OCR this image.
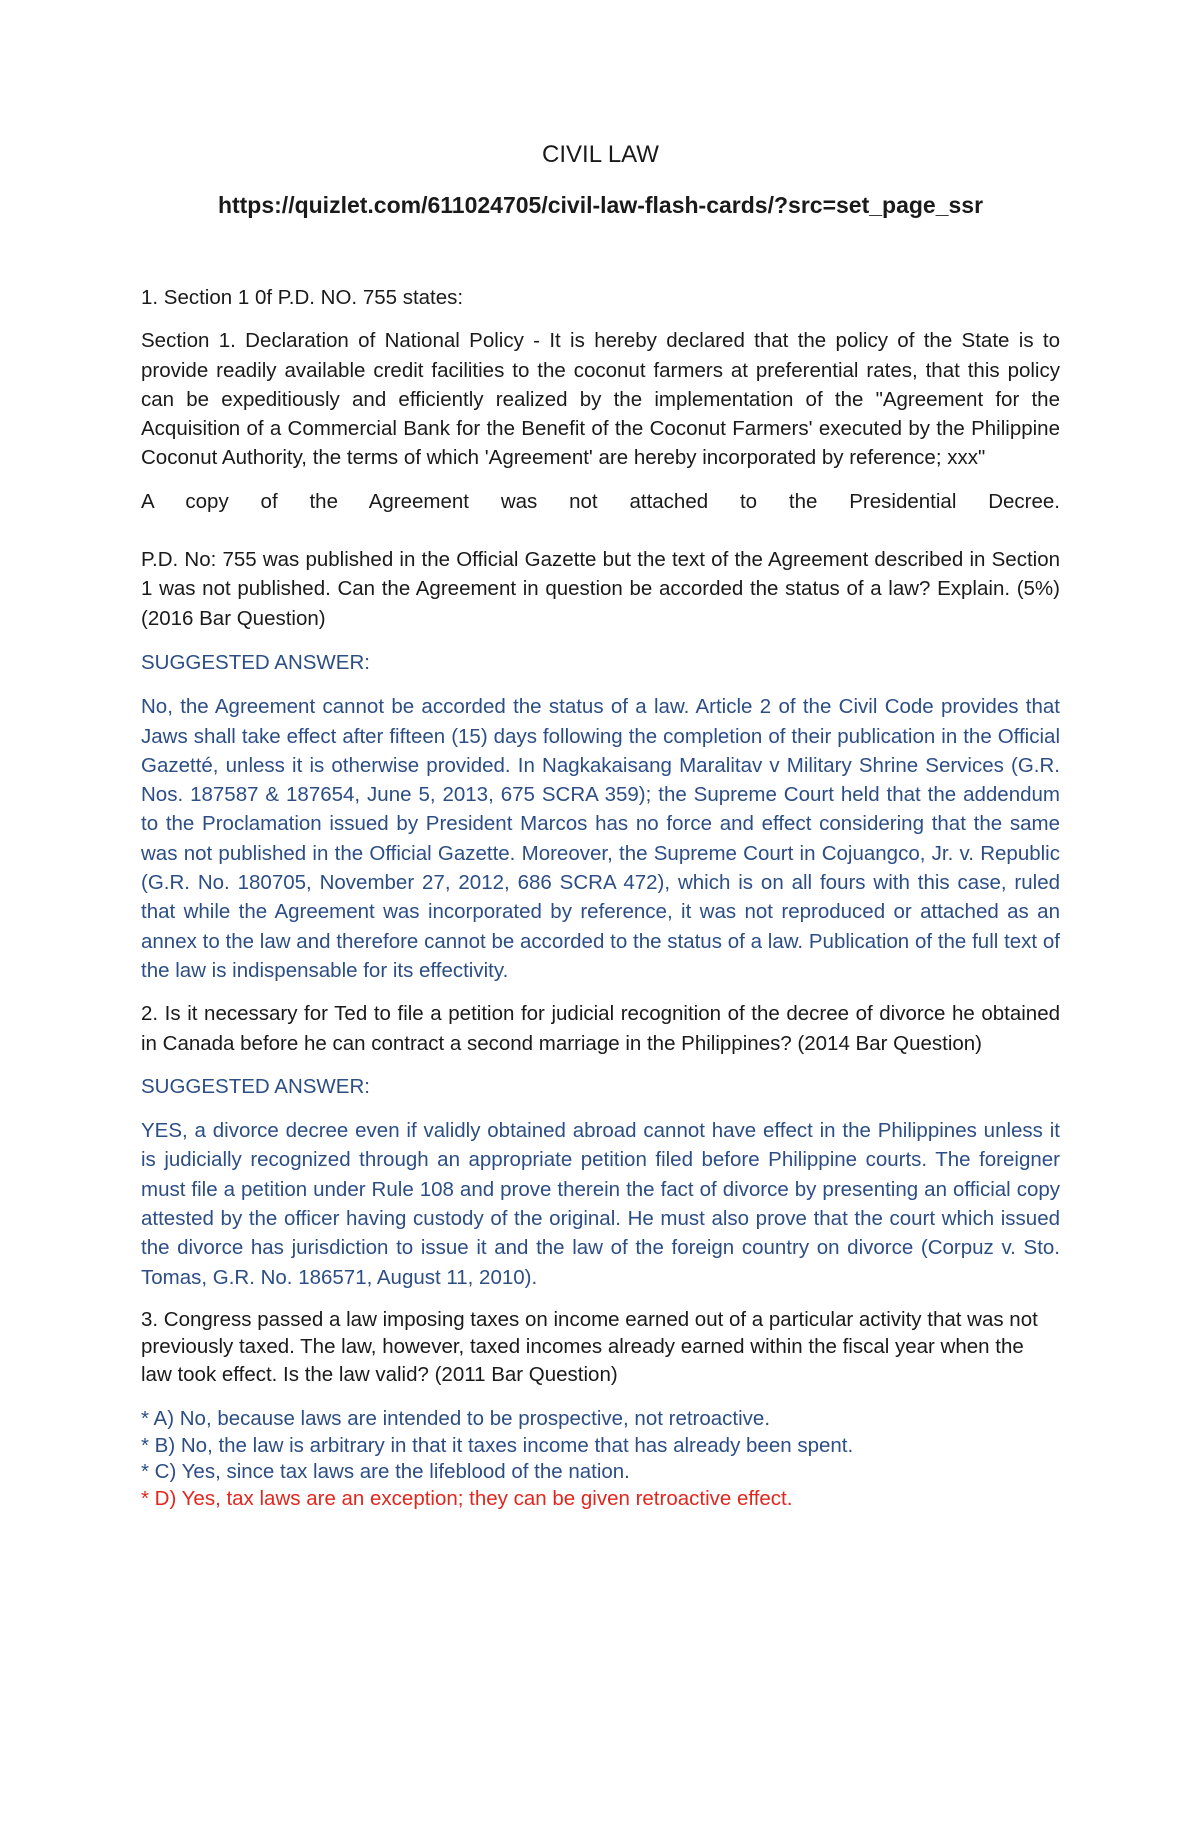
CIVIL LAW
https://quizlet.com/611024705/civil-law-flash-cards/?src=set_page_ssr

1. Section 1 0f P.D. NO. 755 states:

Section 1. Declaration of National Policy - It is hereby declared that the policy of the State is to provide readily available credit facilities to the coconut farmers at preferential rates, that this policy can be expeditiously and efficiently realized by the implementation of the "Agreement for the Acquisition of a Commercial Bank for the Benefit of the Coconut Farmers' executed by the Philippine Coconut Authority, the terms of which 'Agreement' are hereby incorporated by reference; xxx"

A copy of the Agreement was not attached to the Presidential Decree.

P.D. No: 755 was published in the Official Gazette but the text of the Agreement described in Section 1 was not published. Can the Agreement in question be accorded the status of a law? Explain. (5%) (2016 Bar Question)

SUGGESTED ANSWER:

No, the Agreement cannot be accorded the status of a law. Article 2 of the Civil Code provides that Jaws shall take effect after fifteen (15) days following the completion of their publication in the Official Gazetté, unless it is otherwise provided. In Nagkakaisang Maralitav v Military Shrine Services (G.R. Nos. 187587 & 187654, June 5, 2013, 675 SCRA 359); the Supreme Court held that the addendum to the Proclamation issued by President Marcos has no force and effect considering that the same was not published in the Official Gazette. Moreover, the Supreme Court in Cojuangco, Jr. v. Republic (G.R. No. 180705, November 27, 2012, 686 SCRA 472), which is on all fours with this case, ruled that while the Agreement was incorporated by reference, it was not reproduced or attached as an annex to the law and therefore cannot be accorded to the status of a law. Publication of the full text of the law is indispensable for its effectivity.

2. Is it necessary for Ted to file a petition for judicial recognition of the decree of divorce he obtained in Canada before he can contract a second marriage in the Philippines? (2014 Bar Question)

SUGGESTED ANSWER:

YES, a divorce decree even if validly obtained abroad cannot have effect in the Philippines unless it is judicially recognized through an appropriate petition filed before Philippine courts. The foreigner must file a petition under Rule 108 and prove therein the fact of divorce by presenting an official copy attested by the officer having custody of the original. He must also prove that the court which issued the divorce has jurisdiction to issue it and the law of the foreign country on divorce (Corpuz v. Sto. Tomas, G.R. No. 186571, August 11, 2010).

3. Congress passed a law imposing taxes on income earned out of a particular activity that was not previously taxed. The law, however, taxed incomes already earned within the fiscal year when the law took effect. Is the law valid? (2011 Bar Question)

* A) No, because laws are intended to be prospective, not retroactive.

* B) No, the law is arbitrary in that it taxes income that has already been spent.

* C) Yes, since tax laws are the lifeblood of the nation.

* D) Yes, tax laws are an exception; they can be given retroactive effect.
